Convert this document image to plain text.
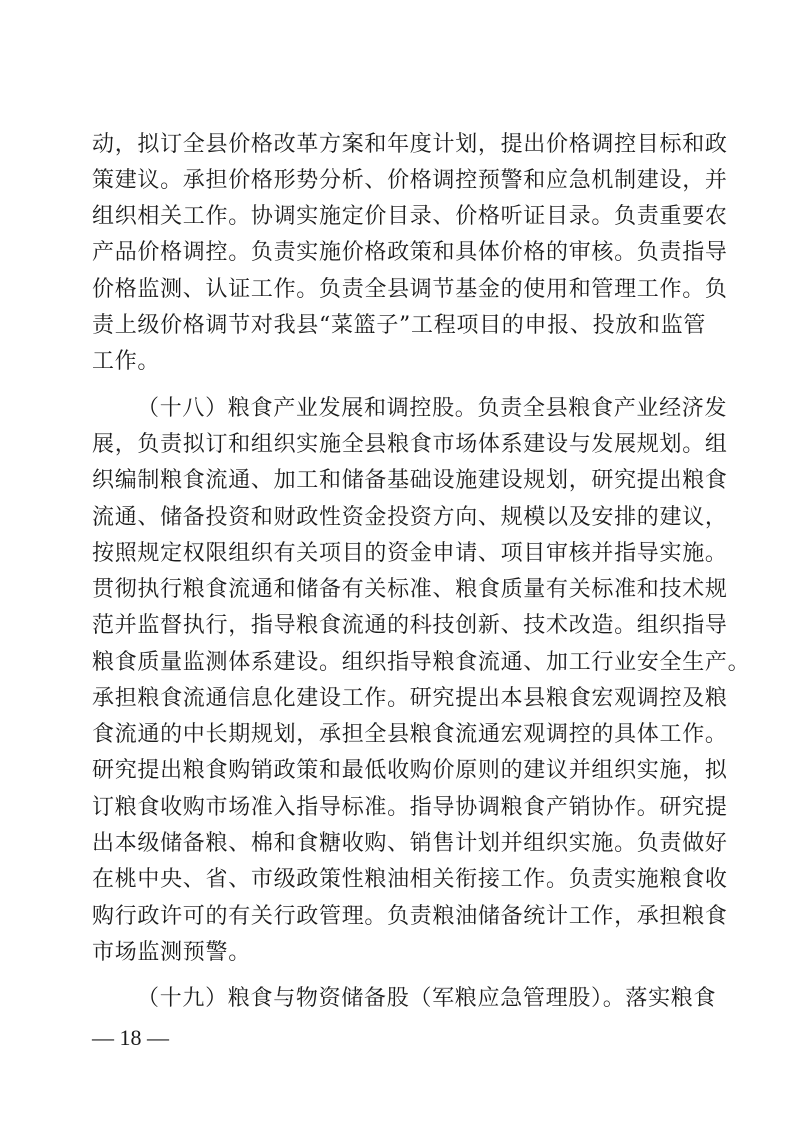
动，拟订全县价格改革方案和年度计划，提出价格调控目标和政
策建议。承担价格形势分析、价格调控预警和应急机制建设，并
组织相关工作。协调实施定价目录、价格听证目录。负责重要农
产品价格调控。负责实施价格政策和具体价格的审核。负责指导
价格监测、认证工作。负责全县调节基金的使用和管理工作。负
责上级价格调节对我县“菜篮子”工程项目的申报、投放和监管
工作。
（十八）粮食产业发展和调控股。负责全县粮食产业经济发
展，负责拟订和组织实施全县粮食市场体系建设与发展规划。组
织编制粮食流通、加工和储备基础设施建设规划，研究提出粮食
流通、储备投资和财政性资金投资方向、规模以及安排的建议，
按照规定权限组织有关项目的资金申请、项目审核并指导实施。
贯彻执行粮食流通和储备有关标准、粮食质量有关标准和技术规
范并监督执行，指导粮食流通的科技创新、技术改造。组织指导
粮食质量监测体系建设。组织指导粮食流通、加工行业安全生产。
承担粮食流通信息化建设工作。研究提出本县粮食宏观调控及粮
食流通的中长期规划，承担全县粮食流通宏观调控的具体工作。
研究提出粮食购销政策和最低收购价原则的建议并组织实施，拟
订粮食收购市场准入指导标准。指导协调粮食产销协作。研究提
出本级储备粮、棉和食糖收购、销售计划并组织实施。负责做好
在桃中央、省、市级政策性粮油相关衔接工作。负责实施粮食收
购行政许可的有关行政管理。负责粮油储备统计工作，承担粮食
市场监测预警。
（十九）粮食与物资储备股（军粮应急管理股）。落实粮食
— 18 —
